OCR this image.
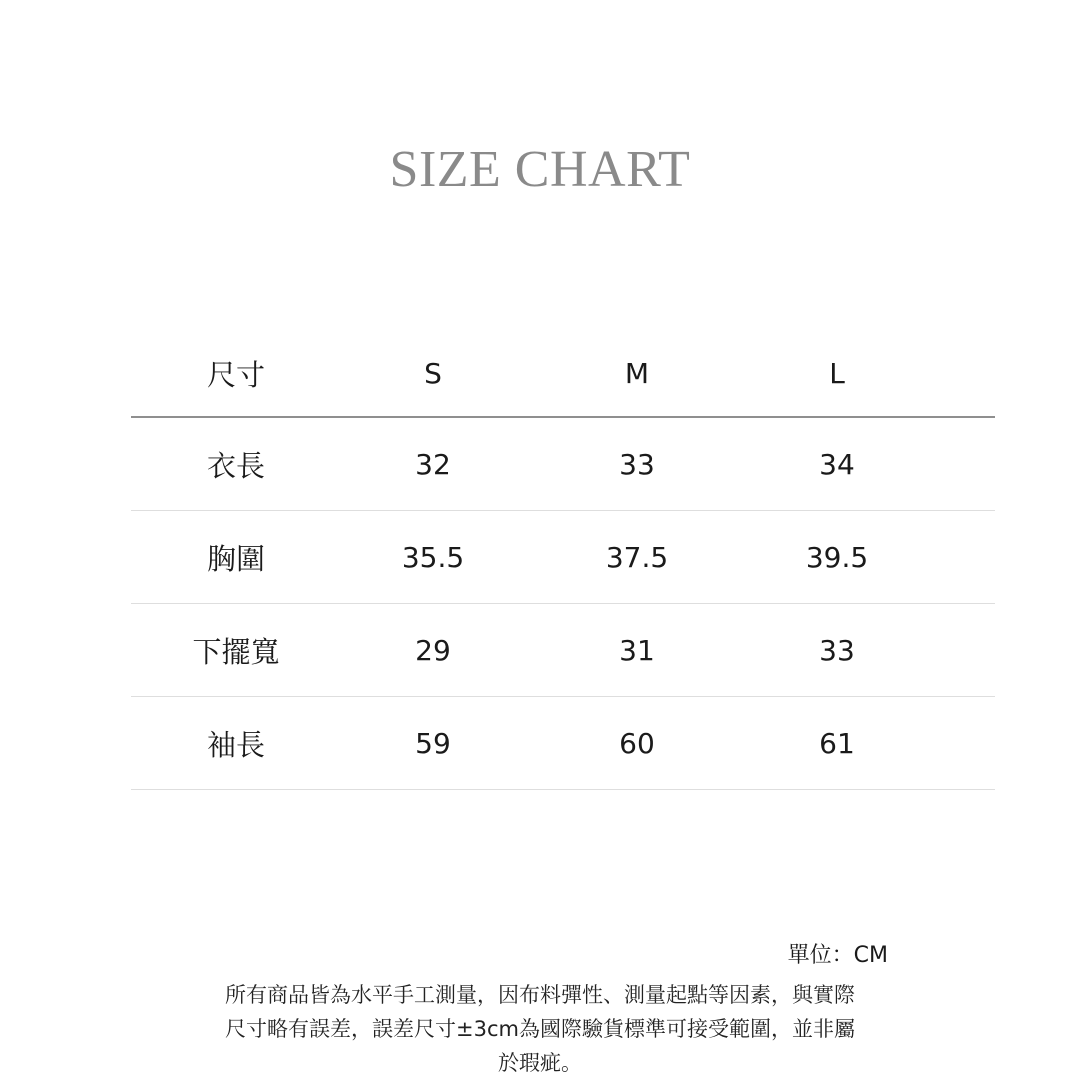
SIZE CHART
尺寸	S	M	L
衣長	32	33	34
胸圍	35.5	37.5	39.5
下擺寬	29	31	33
袖長	59	60	61
單位：CM
所有商品皆為水平手工測量，因布料彈性、測量起點等因素，與實際
尺寸略有誤差，誤差尺寸±3cm為國際驗貨標準可接受範圍，並非屬
於瑕疵。
